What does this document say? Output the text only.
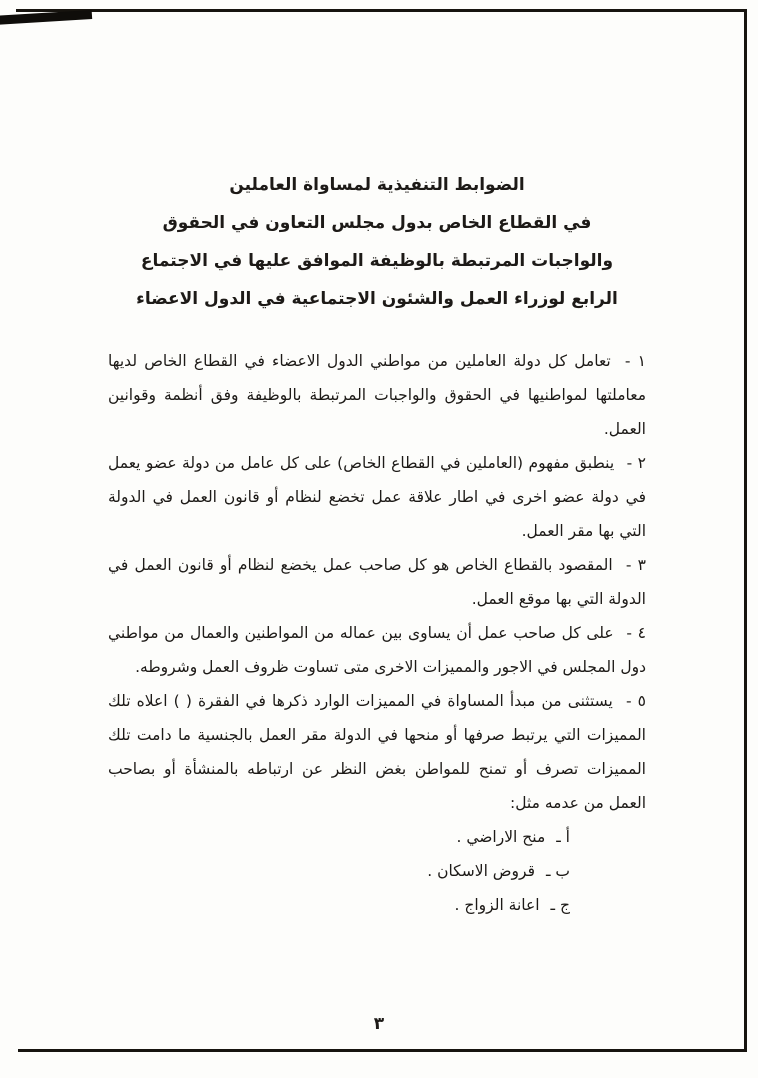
الضوابط التنفيذية لمساواة العاملين
في القطاع الخاص بدول مجلس التعاون في الحقوق
والواجبات المرتبطة بالوظيفة الموافق عليها في الاجتماع
الرابع لوزراء العمل والشئون الاجتماعية في الدول الاعضاء

١ - تعامل كل دولة العاملين من مواطني الدول الاعضاء في القطاع الخاص لديها معاملتها لمواطنيها في الحقوق والواجبات المرتبطة بالوظيفة وفق أنظمة وقوانين العمل.

٢ - ينطبق مفهوم (العاملين في القطاع الخاص) على كل عامل من دولة عضو يعمل في دولة عضو اخرى في اطار علاقة عمل تخضع لنظام أو قانون العمل في الدولة التي بها مقر العمل.

٣ - المقصود بالقطاع الخاص هو كل صاحب عمل يخضع لنظام أو قانون العمل في الدولة التي بها موقع العمل.

٤ - على كل صاحب عمل أن يساوى بين عماله من المواطنين والعمال من مواطني دول المجلس في الاجور والمميزات الاخرى متى تساوت ظروف العمل وشروطه.

٥ - يستثنى من مبدأ المساواة في المميزات الوارد ذكرها في الفقرة ( ) اعلاه تلك المميزات التي يرتبط صرفها أو منحها في الدولة مقر العمل بالجنسية ما دامت تلك المميزات تصرف أو تمنح للمواطن بغض النظر عن ارتباطه بالمنشأة أو بصاحب العمل من عدمه مثل:

أ ـ منح الاراضي .

ب ـ قروض الاسكان .

ج ـ اعانة الزواج .

٣
